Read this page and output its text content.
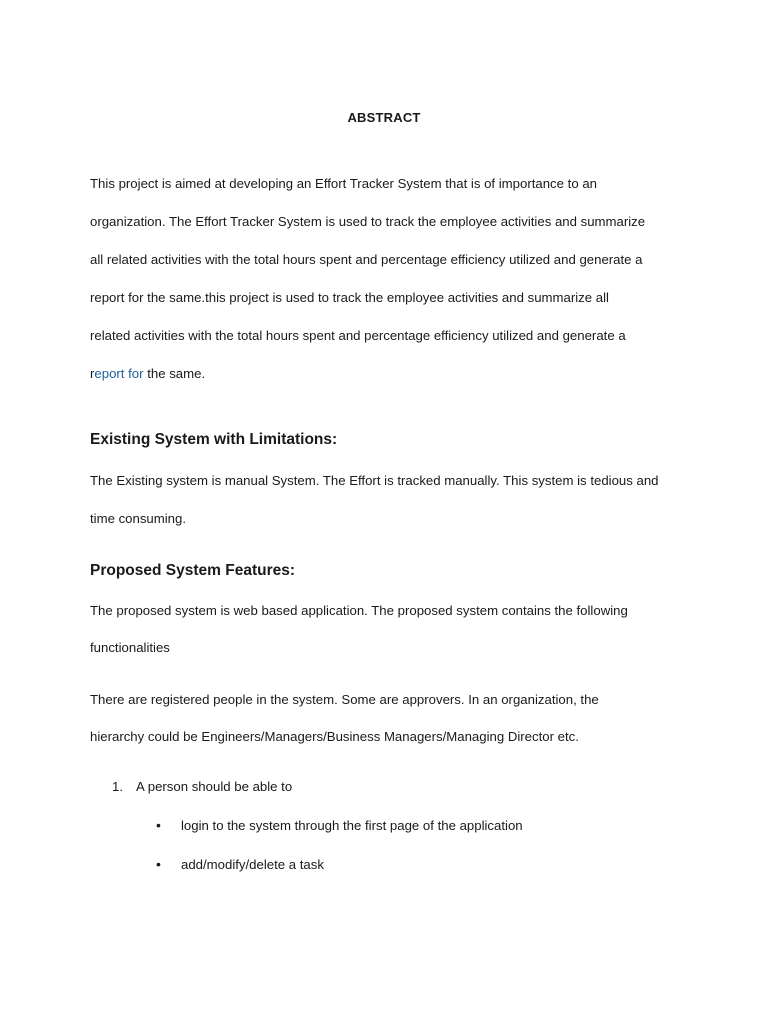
ABSTRACT

This project is aimed at developing an Effort Tracker System that is of importance to an

organization. The Effort Tracker System is used to track the employee activities and summarize

all related activities with the total hours spent and percentage efficiency utilized and generate a

report for the same.this project is used to track the employee activities and summarize all

related activities with the total hours spent and percentage efficiency utilized and generate a

report for the same.

Existing System with Limitations:

The Existing system is manual System. The Effort is tracked manually. This system is tedious and

time consuming.

Proposed System Features:

The proposed system is web based application. The proposed system contains the following

functionalities

There are registered people in the system. Some are approvers. In an organization, the

hierarchy could be Engineers/Managers/Business Managers/Managing Director etc.

1. A person should be able to

• login to the system through the first page of the application

• add/modify/delete a task
